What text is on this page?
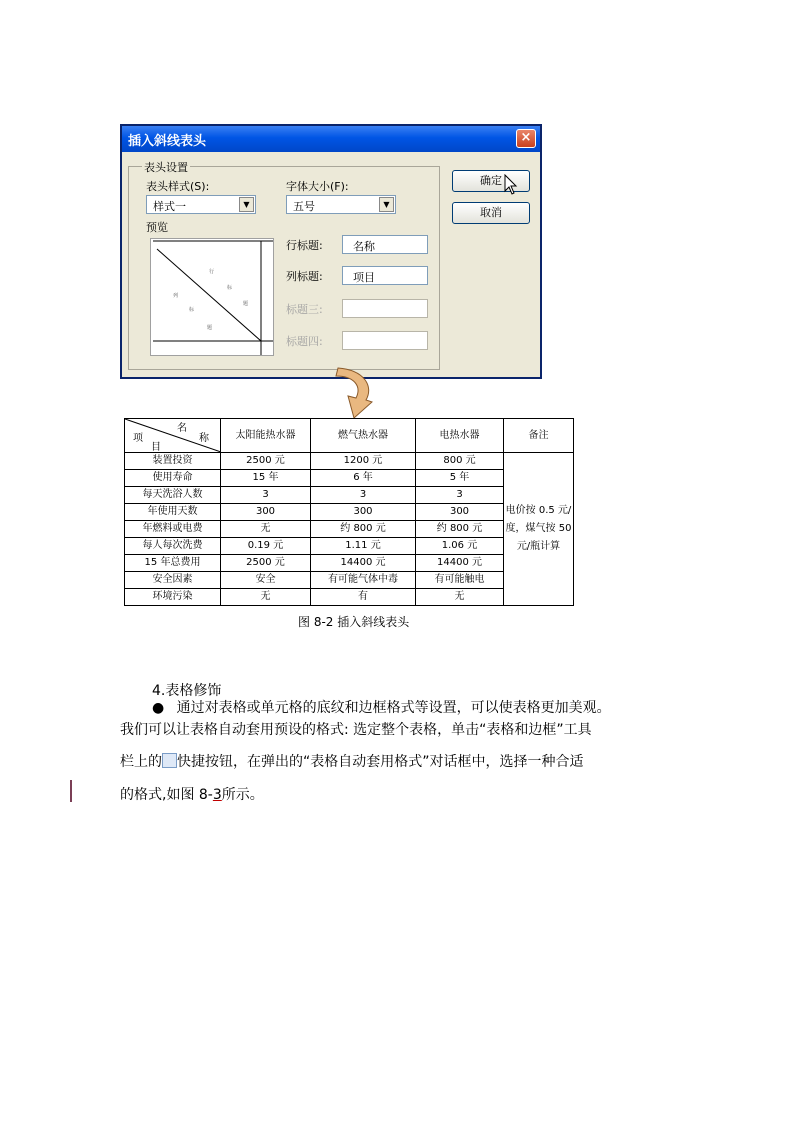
插入斜线表头	×
表头设置
表头样式(S):
样式一	▼
字体大小(F):
五号	▼
预览
行
标
题
列
标
题
行标题:	名称
列标题:	项目
标题三:
标题四:
确定
取消
名
称
项
目	太阳能热水器	燃气热水器	电热水器	备注
装置投资	2500 元	1200 元	800 元	电价按 0.5 元/度，煤气按 50 元/瓶计算
使用寿命	15 年	6 年	5 年	
每天洗浴人数	3	3	3	
年使用天数	300	300	300	
年燃料或电费	无	约 800 元	约 800 元	
每人每次洗费	0.19 元	1.11 元	1.06 元	
15 年总费用	2500 元	14400 元	14400 元	
安全因素	安全	有可能气体中毒	有可能触电	
环境污染	无	有	无	
图 8-2 插入斜线表头
4.表格修饰
● 通过对表格或单元格的底纹和边框格式等设置，可以使表格更加美观。
我们可以让表格自动套用预设的格式: 选定整个表格，单击“表格和边框”工具
栏上的 快捷按钮，在弹出的“表格自动套用格式”对话框中，选择一种合适
的格式,如图 8-3所示。
